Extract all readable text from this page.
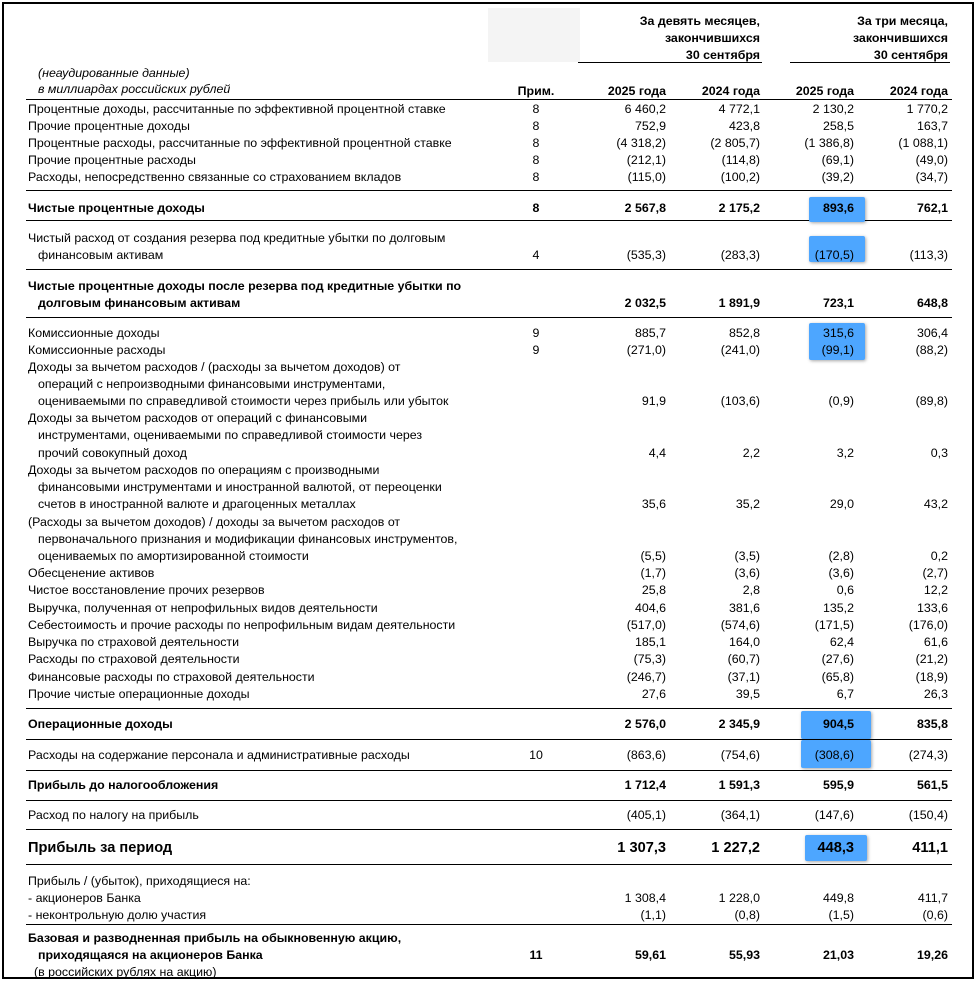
За девять месяцев,
закончившихся
30 сентября
За три месяца,
закончившихся
30 сентября
(неаудированные данные)
в миллиардах российских рублей	Прим.	2025 года	2024 года	2025 года	2024 года
Процентные доходы, рассчитанные по эффективной процентной ставке	8	6 460,2	4 772,1	2 130,2	1 770,2
Прочие процентные доходы	8	752,9	423,8	258,5	163,7
Процентные расходы, рассчитанные по эффективной процентной ставке	8	(4 318,2)	(2 805,7)	(1 386,8)	(1 088,1)
Прочие процентные расходы	8	(212,1)	(114,8)	(69,1)	(49,0)
Расходы, непосредственно связанные со страхованием вкладов	8	(115,0)	(100,2)	(39,2)	(34,7)
Чистые процентные доходы	8	2 567,8	2 175,2	893,6	762,1
Чистый расход от создания резерва под кредитные убытки по долговым
финансовым активам	4	(535,3)	(283,3)	(170,5)	(113,3)
Чистые процентные доходы после резерва под кредитные убытки по
долговым финансовым активам	2 032,5	1 891,9	723,1	648,8
Комиссионные доходы	9	885,7	852,8	315,6	306,4
Комиссионные расходы	9	(271,0)	(241,0)	(99,1)	(88,2)
Доходы за вычетом расходов / (расходы за вычетом доходов) от
операций с непроизводными финансовыми инструментами,
оцениваемыми по справедливой стоимости через прибыль или убыток	91,9	(103,6)	(0,9)	(89,8)
Доходы за вычетом расходов от операций с финансовыми
инструментами, оцениваемыми по справедливой стоимости через
прочий совокупный доход	4,4	2,2	3,2	0,3
Доходы за вычетом расходов по операциям с производными
финансовыми инструментами и иностранной валютой, от переоценки
счетов в иностранной валюте и драгоценных металлах	35,6	35,2	29,0	43,2
(Расходы за вычетом доходов) / доходы за вычетом расходов от
первоначального признания и модификации финансовых инструментов,
оцениваемых по амортизированной стоимости	(5,5)	(3,5)	(2,8)	0,2
Обесценение активов	(1,7)	(3,6)	(3,6)	(2,7)
Чистое восстановление прочих резервов	25,8	2,8	0,6	12,2
Выручка, полученная от непрофильных видов деятельности	404,6	381,6	135,2	133,6
Себестоимость и прочие расходы по непрофильным видам деятельности	(517,0)	(574,6)	(171,5)	(176,0)
Выручка по страховой деятельности	185,1	164,0	62,4	61,6
Расходы по страховой деятельности	(75,3)	(60,7)	(27,6)	(21,2)
Финансовые расходы по страховой деятельности	(246,7)	(37,1)	(65,8)	(18,9)
Прочие чистые операционные доходы	27,6	39,5	6,7	26,3
Операционные доходы	2 576,0	2 345,9	904,5	835,8
Расходы на содержание персонала и административные расходы	10	(863,6)	(754,6)	(308,6)	(274,3)
Прибыль до налогообложения	1 712,4	1 591,3	595,9	561,5
Расход по налогу на прибыль	(405,1)	(364,1)	(147,6)	(150,4)
Прибыль за период	1 307,3	1 227,2	448,3	411,1
Прибыль / (убыток), приходящиеся на:
- акционеров Банка	1 308,4	1 228,0	449,8	411,7
- неконтрольную долю участия	(1,1)	(0,8)	(1,5)	(0,6)
Базовая и разводненная прибыль на обыкновенную акцию,
приходящаяся на акционеров Банка
(в российских рублях на акцию)
11	59,61	55,93	21,03	19,26
